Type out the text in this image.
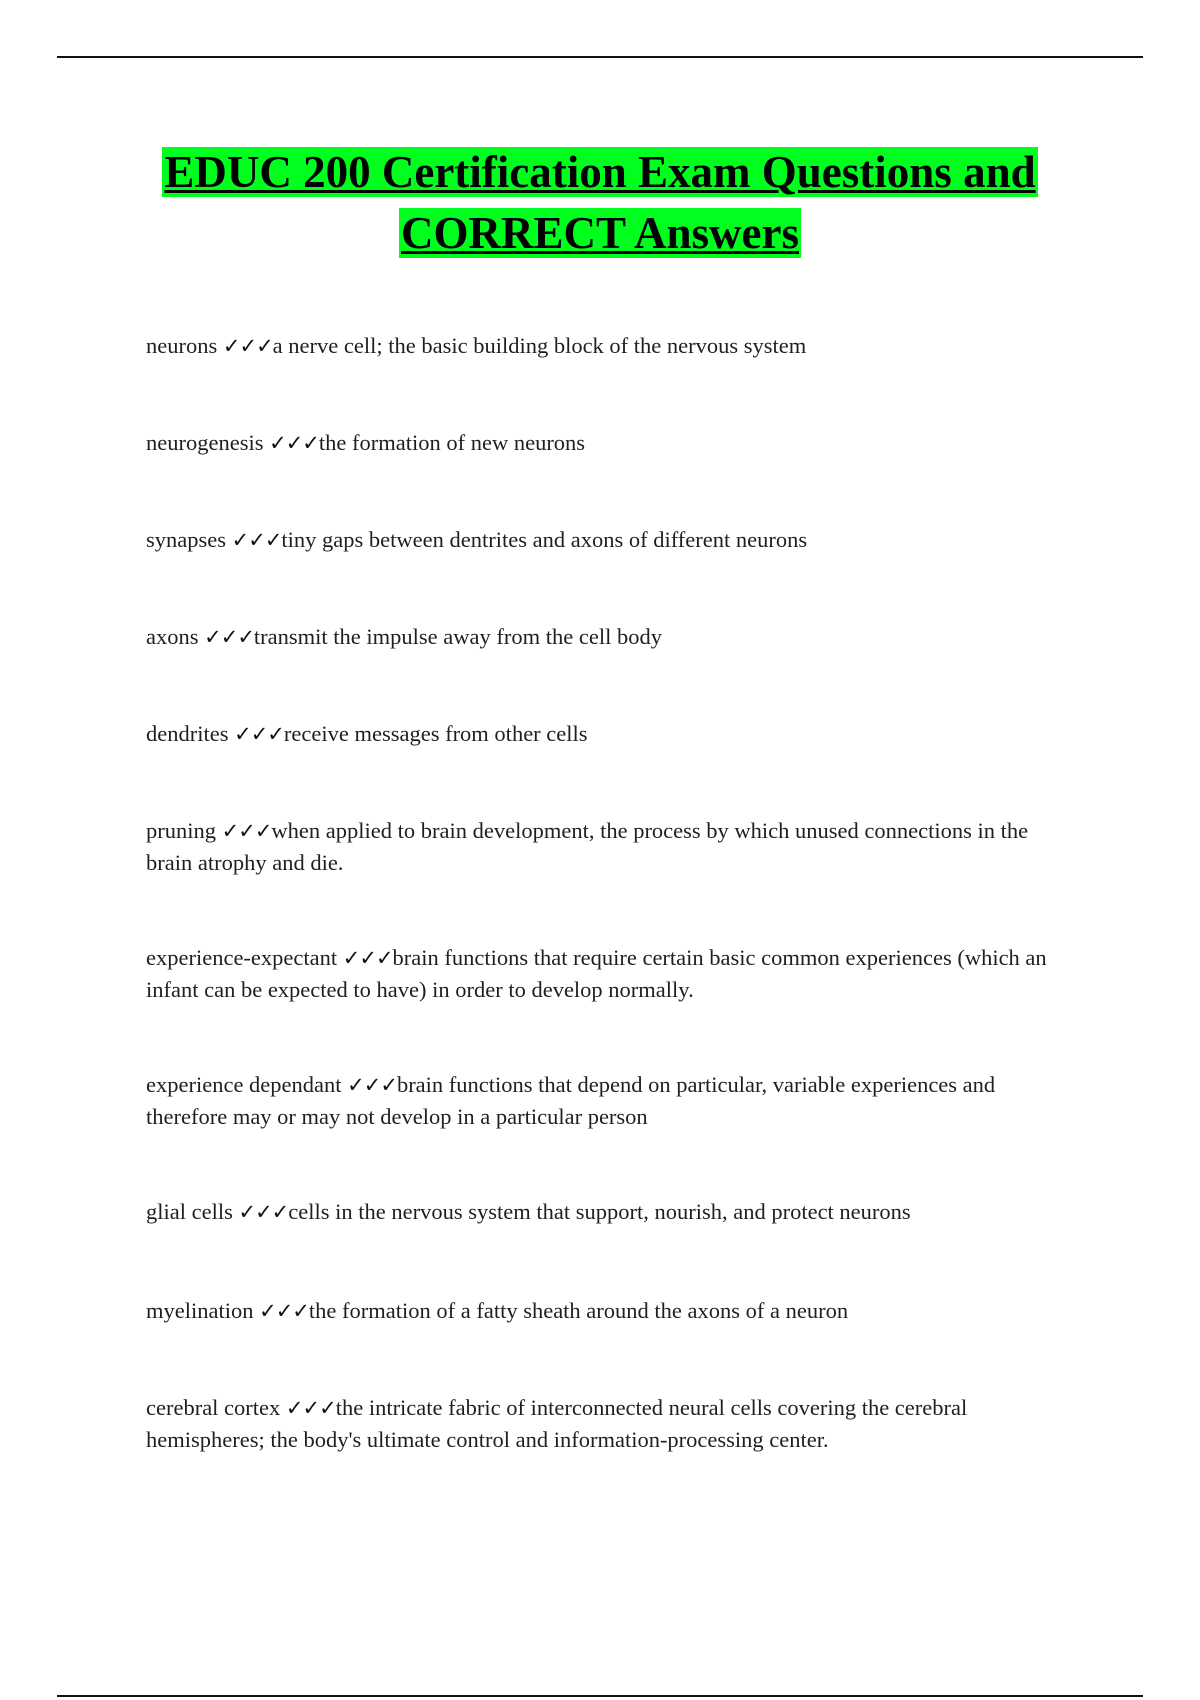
EDUC 200 Certification Exam Questions and CORRECT Answers

neurons ✓✓✓a nerve cell; the basic building block of the nervous system

neurogenesis ✓✓✓the formation of new neurons

synapses ✓✓✓tiny gaps between dentrites and axons of different neurons

axons ✓✓✓transmit the impulse away from the cell body

dendrites ✓✓✓receive messages from other cells

pruning ✓✓✓when applied to brain development, the process by which unused connections in the brain atrophy and die.

experience-expectant ✓✓✓brain functions that require certain basic common experiences (which an infant can be expected to have) in order to develop normally.

experience dependant ✓✓✓brain functions that depend on particular, variable experiences and therefore may or may not develop in a particular person

glial cells ✓✓✓cells in the nervous system that support, nourish, and protect neurons

myelination ✓✓✓the formation of a fatty sheath around the axons of a neuron

cerebral cortex ✓✓✓the intricate fabric of interconnected neural cells covering the cerebral hemispheres; the body's ultimate control and information-processing center.
